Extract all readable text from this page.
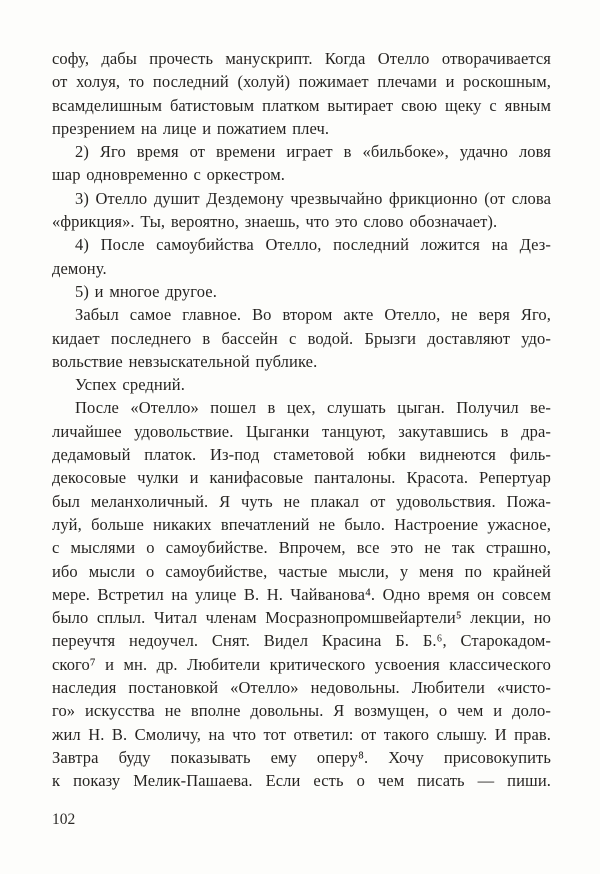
софу, дабы прочесть манускрипт. Когда Отелло отворачивается
от холуя, то последний (холуй) пожимает плечами и роскошным,
всамделишным батистовым платком вытирает свою щеку с явным
презрением на лице и пожатием плеч.
2) Яго время от времени играет в «бильбоке», удачно ловя
шар одновременно с оркестром.
3) Отелло душит Дездемону чрезвычайно фрикционно (от слова
«фрикция». Ты, вероятно, знаешь, что это слово обозначает).
4) После самоубийства Отелло, последний ложится на Дез-
демону.
5) и многое другое.
Забыл самое главное. Во втором акте Отелло, не веря Яго,
кидает последнего в бассейн с водой. Брызги доставляют удо-
вольствие невзыскательной публике.
Успех средний.
После «Отелло» пошел в цех, слушать цыган. Получил ве-
личайшее удовольствие. Цыганки танцуют, закутавшись в дра-
дедамовый платок. Из-под стаметовой юбки виднеются филь-
декосовые чулки и канифасовые панталоны. Красота. Репертуар
был меланхоличный. Я чуть не плакал от удовольствия. Пожа-
луй, больше никаких впечатлений не было. Настроение ужасное,
с мыслями о самоубийстве. Впрочем, все это не так страшно,
ибо мысли о самоубийстве, частые мысли, у меня по крайней
мере. Встретил на улице В. Н. Чайванова⁴. Одно время он совсем
было сплыл. Читал членам Мосразнопромшвейартели⁵ лекции, но
переучтя недоучел. Снят. Видел Красина Б. Б.⁶, Старокадом-
ского⁷ и мн. др. Любители критического усвоения классического
наследия постановкой «Отелло» недовольны. Любители «чисто-
го» искусства не вполне довольны. Я возмущен, о чем и доло-
жил Н. В. Смоличу, на что тот ответил: от такого слышу. И прав.
Завтра буду показывать ему оперу⁸. Хочу присовокупить
к показу Мелик-Пашаева. Если есть о чем писать — пиши.
102
